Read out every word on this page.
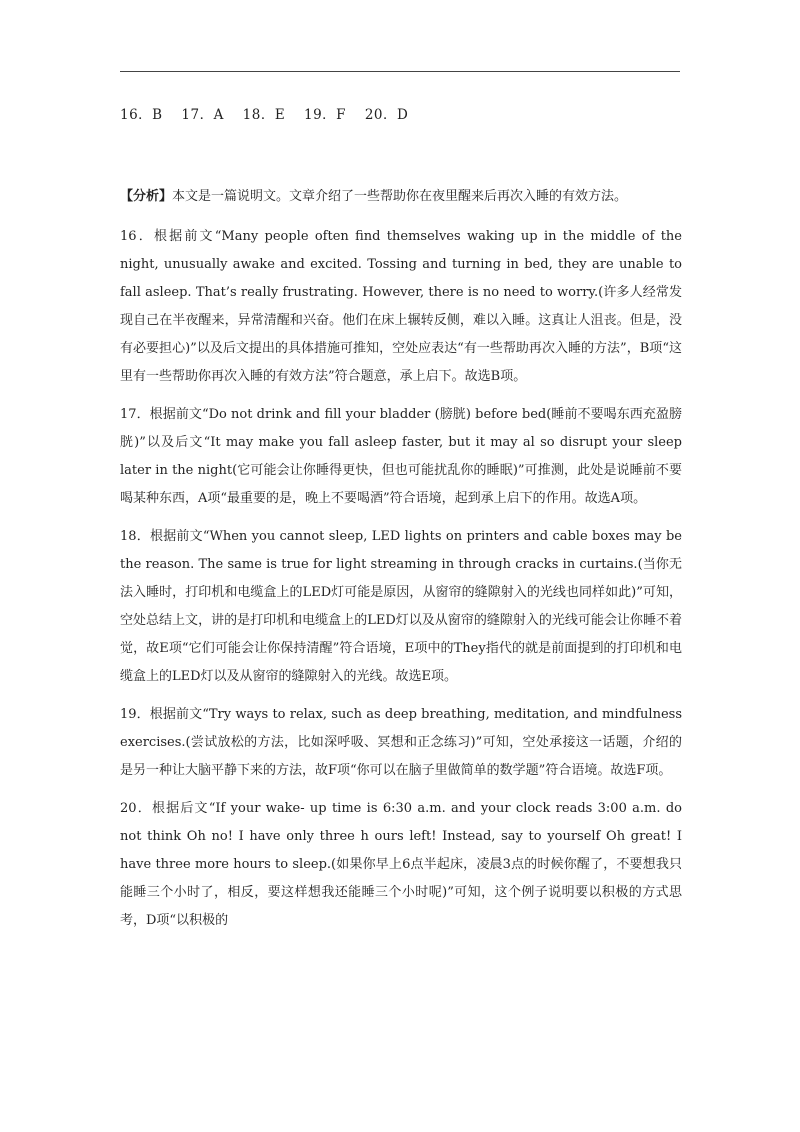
16．B 17．A 18．E 19．F 20．D

【分析】本文是一篇说明文。文章介绍了一些帮助你在夜里醒来后再次入睡的有效方法。

16．根据前文“Many people often find themselves waking up in the middle of the night, unusually awake and excited. Tossing and turning in bed, they are unable to fall asleep. That’s really frustrating. However, there is no need to worry.(许多人经常发现自己在半夜醒来，异常清醒和兴奋。他们在床上辗转反侧，难以入睡。这真让人沮丧。但是，没有必要担心)”以及后文提出的具体措施可推知，空处应表达“有一些帮助再次入睡的方法”，B项“这里有一些帮助你再次入睡的有效方法”符合题意，承上启下。故选B项。

17．根据前文“Do not drink and fill your bladder (膀胱) before bed(睡前不要喝东西充盈膀胱)”以及后文“It may make you fall asleep faster, but it may al so disrupt your sleep later in the night(它可能会让你睡得更快，但也可能扰乱你的睡眠)”可推测，此处是说睡前不要喝某种东西，A项“最重要的是，晚上不要喝酒”符合语境，起到承上启下的作用。故选A项。

18．根据前文“When you cannot sleep, LED lights on printers and cable boxes may be the reason. The same is true for light streaming in through cracks in curtains.(当你无法入睡时，打印机和电缆盒上的LED灯可能是原因，从窗帘的缝隙射入的光线也同样如此)”可知，空处总结上文，讲的是打印机和电缆盒上的LED灯以及从窗帘的缝隙射入的光线可能会让你睡不着觉，故E项“它们可能会让你保持清醒”符合语境，E项中的They指代的就是前面提到的打印机和电缆盒上的LED灯以及从窗帘的缝隙射入的光线。故选E项。

19．根据前文“Try ways to relax, such as deep breathing, meditation, and mindfulness exercises.(尝试放松的方法，比如深呼吸、冥想和正念练习)”可知，空处承接这一话题，介绍的是另一种让大脑平静下来的方法，故F项“你可以在脑子里做简单的数学题”符合语境。故选F项。

20．根据后文“If your wake- up time is 6:30 a.m. and your clock reads 3:00 a.m. do not think Oh no! I have only three h ours left! Instead, say to yourself Oh great! I have three more hours to sleep.(如果你早上6点半起床，凌晨3点的时候你醒了，不要想我只能睡三个小时了，相反，要这样想我还能睡三个小时呢)”可知，这个例子说明要以积极的方式思考，D项“以积极的
